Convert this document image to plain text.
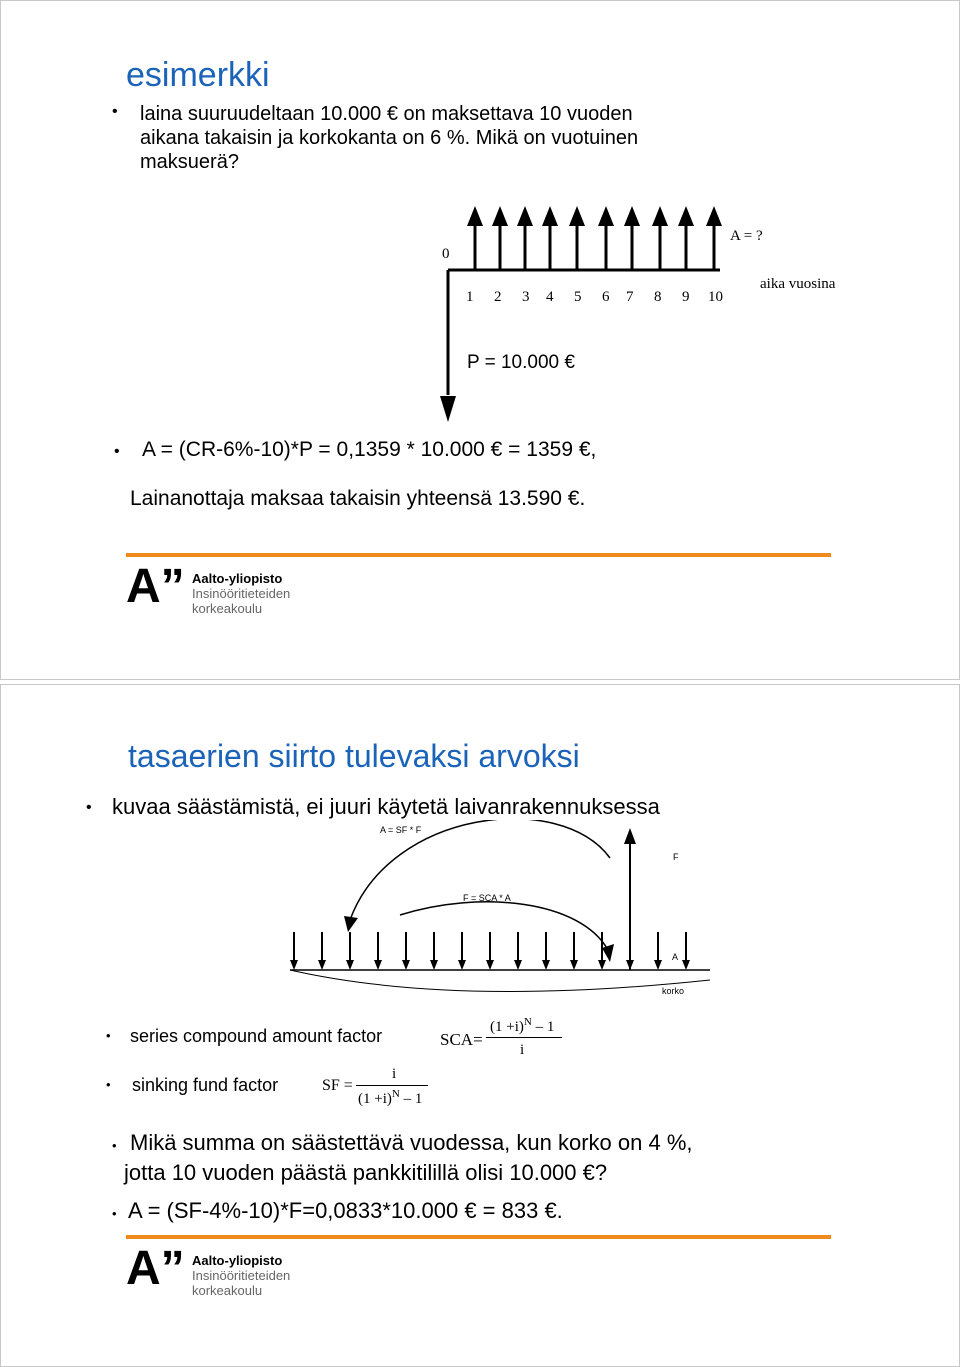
esimerkki
• laina suuruudeltaan 10.000 € on maksettava 10 vuoden
aikana takaisin ja korkokanta on 6 %. Mikä on vuotuinen
maksuerä?
0
1 2 3 4 5 6 7 8 9 10
A = ?
aika vuosina
P = 10.000 €
• A = (CR-6%-10)*P = 0,1359 * 10.000 € = 1359 €,
Lainanottaja maksaa takaisin yhteensä 13.590 €.
A” Aalto-yliopisto
Insinööritieteiden
korkeakoulu
tasaerien siirto tulevaksi arvoksi
• kuvaa säästämistä, ei juuri käytetä laivanrakennuksessa
A = SF * F
F
F = SCA * A
A
korko
• series compound amount factor	SCA=
$(1 +i)^N - 1$
i
• sinking fund factor	SF =
i
$(1 +i)^N - 1$
• Mikä summa on säästettävä vuodessa, kun korko on 4 %,
jotta 10 vuoden päästä pankkitilillä olisi 10.000 €?
• A = (SF-4%-10)*F=0,0833*10.000 € = 833 €.
A” Aalto-yliopisto
Insinööritieteiden
korkeakoulu
